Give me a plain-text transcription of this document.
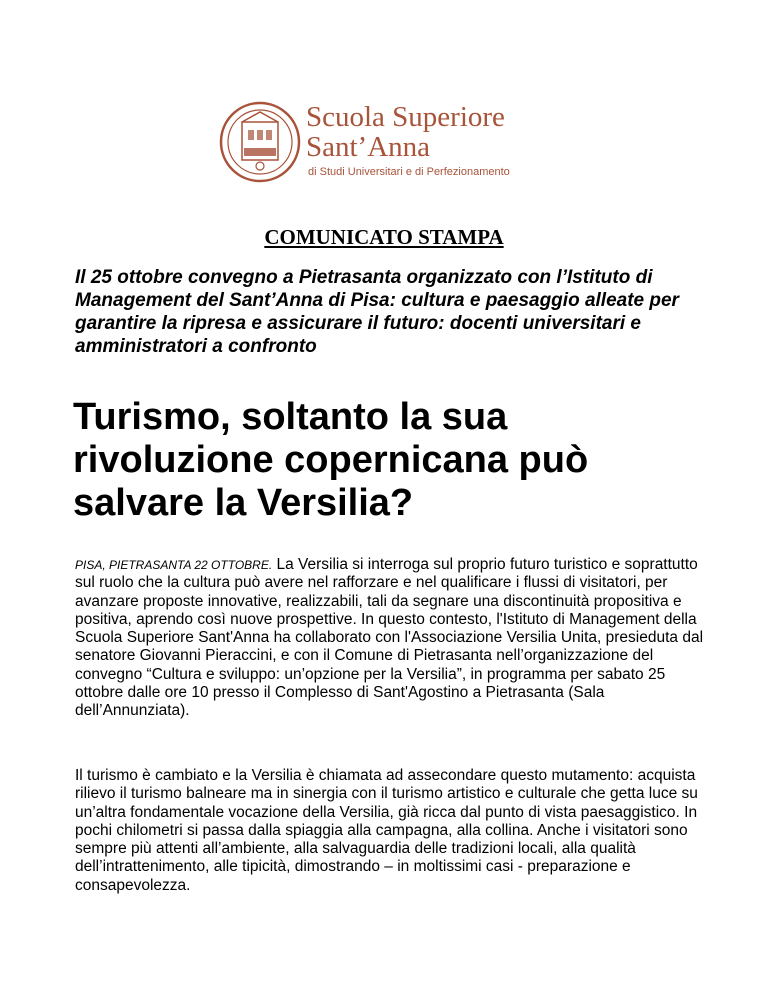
Scuola Superiore
Sant’Anna
di Studi Universitari e di Perfezionamento
COMUNICATO STAMPA
Il 25 ottobre convegno a Pietrasanta organizzato con l’Istituto di Management del Sant’Anna di Pisa: cultura e paesaggio alleate per garantire la ripresa e assicurare il futuro: docenti universitari e amministratori a confronto
Turismo, soltanto la sua rivoluzione copernicana può salvare la Versilia?
PISA, PIETRASANTA 22 OTTOBRE. La Versilia si interroga sul proprio futuro turistico e soprattutto sul ruolo che la cultura può avere nel rafforzare e nel qualificare i flussi di visitatori, per avanzare proposte innovative, realizzabili, tali da segnare una discontinuità propositiva e positiva, aprendo così nuove prospettive. In questo contesto, l'Istituto di Management della Scuola Superiore Sant'Anna ha collaborato con l'Associazione Versilia Unita, presieduta dal senatore Giovanni Pieraccini, e con il Comune di Pietrasanta nell’organizzazione del convegno “Cultura e sviluppo: un’opzione per la Versilia”, in programma per sabato 25 ottobre dalle ore 10 presso il Complesso di Sant'Agostino a Pietrasanta (Sala dell’Annunziata).
Il turismo è cambiato e la Versilia è chiamata ad assecondare questo mutamento: acquista rilievo il turismo balneare ma in sinergia con il turismo artistico e culturale che getta luce su un’altra fondamentale vocazione della Versilia, già ricca dal punto di vista paesaggistico. In pochi chilometri si passa dalla spiaggia alla campagna, alla collina. Anche i visitatori sono sempre più attenti all’ambiente, alla salvaguardia delle tradizioni locali, alla qualità dell’intrattenimento, alle tipicità, dimostrando – in moltissimi casi - preparazione e consapevolezza.
